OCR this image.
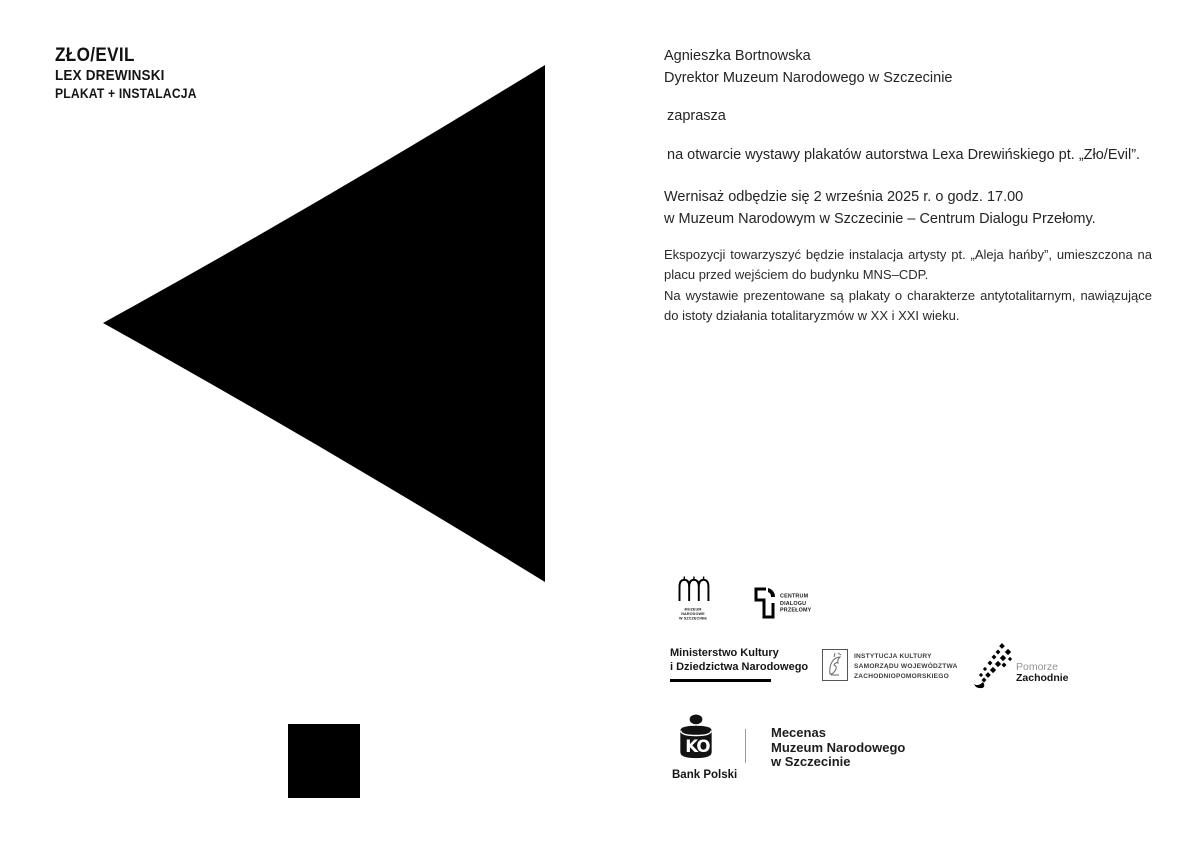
ZŁO/EVIL
LEX DREWINSKI
PLAKAT + INSTALACJA
Agnieszka Bortnowska
Dyrektor Muzeum Narodowego w Szczecinie
zaprasza
na otwarcie wystawy plakatów autorstwa Lexa Drewińskiego pt. „Zło/Evil”.
Wernisaż odbędzie się 2 września 2025 r. o godz. 17.00
w Muzeum Narodowym w Szczecinie – Centrum Dialogu Przełomy.

Ekspozycji towarzyszyć będzie instalacja artysty pt. „Aleja hańby”, umieszczona na placu przed wejściem do budynku MNS–CDP.

Na wystawie prezentowane są plakaty o charakterze antytotalitarnym, nawiązujące do istoty działania totalitaryzmów w XX i XXI wieku.

MUZEUM NARODOWE
W SZCZECINIE
CENTRUM
DIALOGU
PRZEŁOMY
Ministerstwo Kultury
i Dziedzictwa Narodowego
INSTYTUCJA KULTURY
SAMORZĄDU WOJEWÓDZTWA
ZACHODNIOPOMORSKIEGO
Pomorze
Zachodnie
KO
Bank Polski
Mecenas
Muzeum Narodowego
w Szczecinie
